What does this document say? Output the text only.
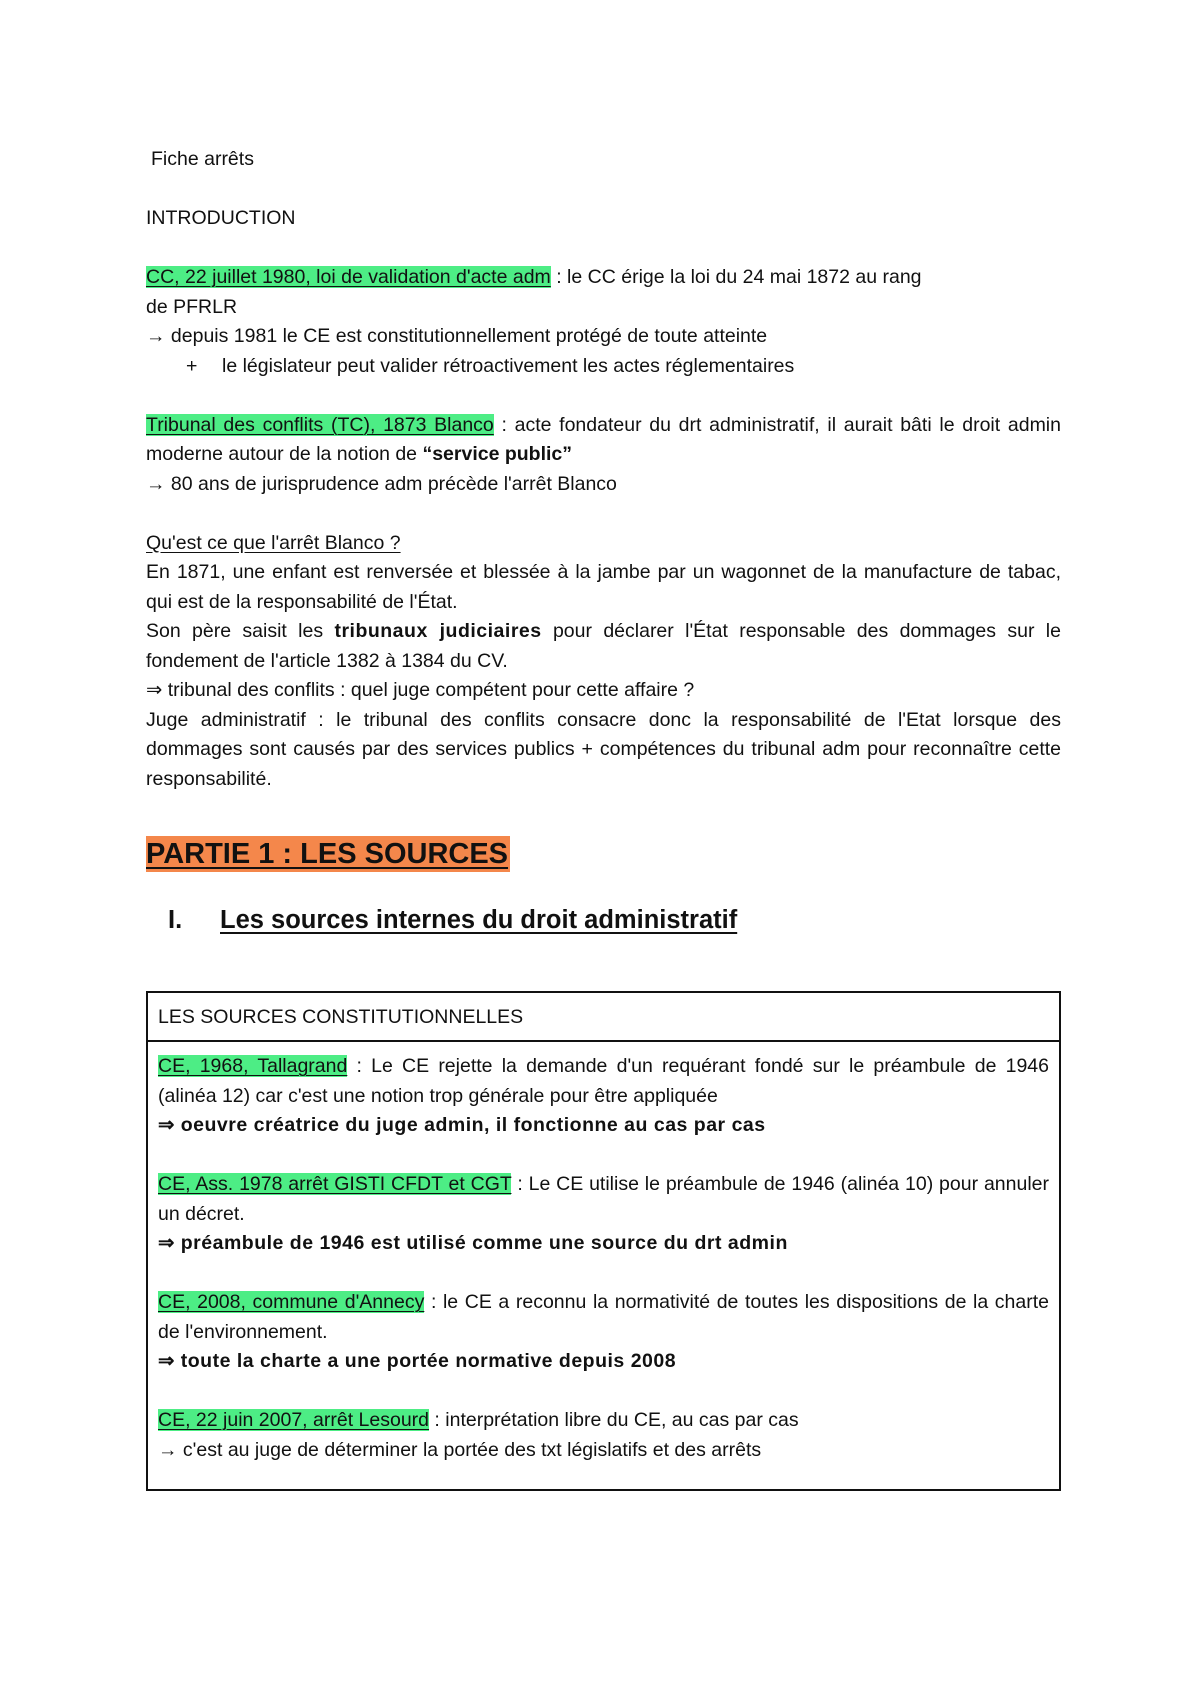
Fiche arrêts
INTRODUCTION
CC, 22 juillet 1980, loi de validation d'acte adm : le CC érige la loi du 24 mai 1872 au rang
de PFRLR
→ depuis 1981 le CE est constitutionnellement protégé de toute atteinte
+ le législateur peut valider rétroactivement les actes réglementaires
Tribunal des conflits (TC), 1873 Blanco : acte fondateur du drt administratif, il aurait bâti le droit admin moderne autour de la notion de “service public”
→ 80 ans de jurisprudence adm précède l'arrêt Blanco
Qu'est ce que l'arrêt Blanco ?
En 1871, une enfant est renversée et blessée à la jambe par un wagonnet de la manufacture de tabac, qui est de la responsabilité de l'État.
Son père saisit les tribunaux judiciaires pour déclarer l'État responsable des dommages sur le fondement de l'article 1382 à 1384 du CV.
⇒ tribunal des conflits : quel juge compétent pour cette affaire ?
Juge administratif : le tribunal des conflits consacre donc la responsabilité de l'Etat lorsque des dommages sont causés par des services publics + compétences du tribunal adm pour reconnaître cette responsabilité.
PARTIE 1 : LES SOURCES
I.	Les sources internes du droit administratif
LES SOURCES CONSTITUTIONNELLES
CE, 1968, Tallagrand : Le CE rejette la demande d'un requérant fondé sur le préambule de 1946 (alinéa 12) car c'est une notion trop générale pour être appliquée
⇒ oeuvre créatrice du juge admin, il fonctionne au cas par cas
CE, Ass. 1978 arrêt GISTI CFDT et CGT : Le CE utilise le préambule de 1946 (alinéa 10) pour annuler un décret.
⇒ préambule de 1946 est utilisé comme une source du drt admin
CE, 2008, commune d'Annecy : le CE a reconnu la normativité de toutes les dispositions de la charte de l'environnement.
⇒ toute la charte a une portée normative depuis 2008
CE, 22 juin 2007, arrêt Lesourd : interprétation libre du CE, au cas par cas
→ c'est au juge de déterminer la portée des txt législatifs et des arrêts
